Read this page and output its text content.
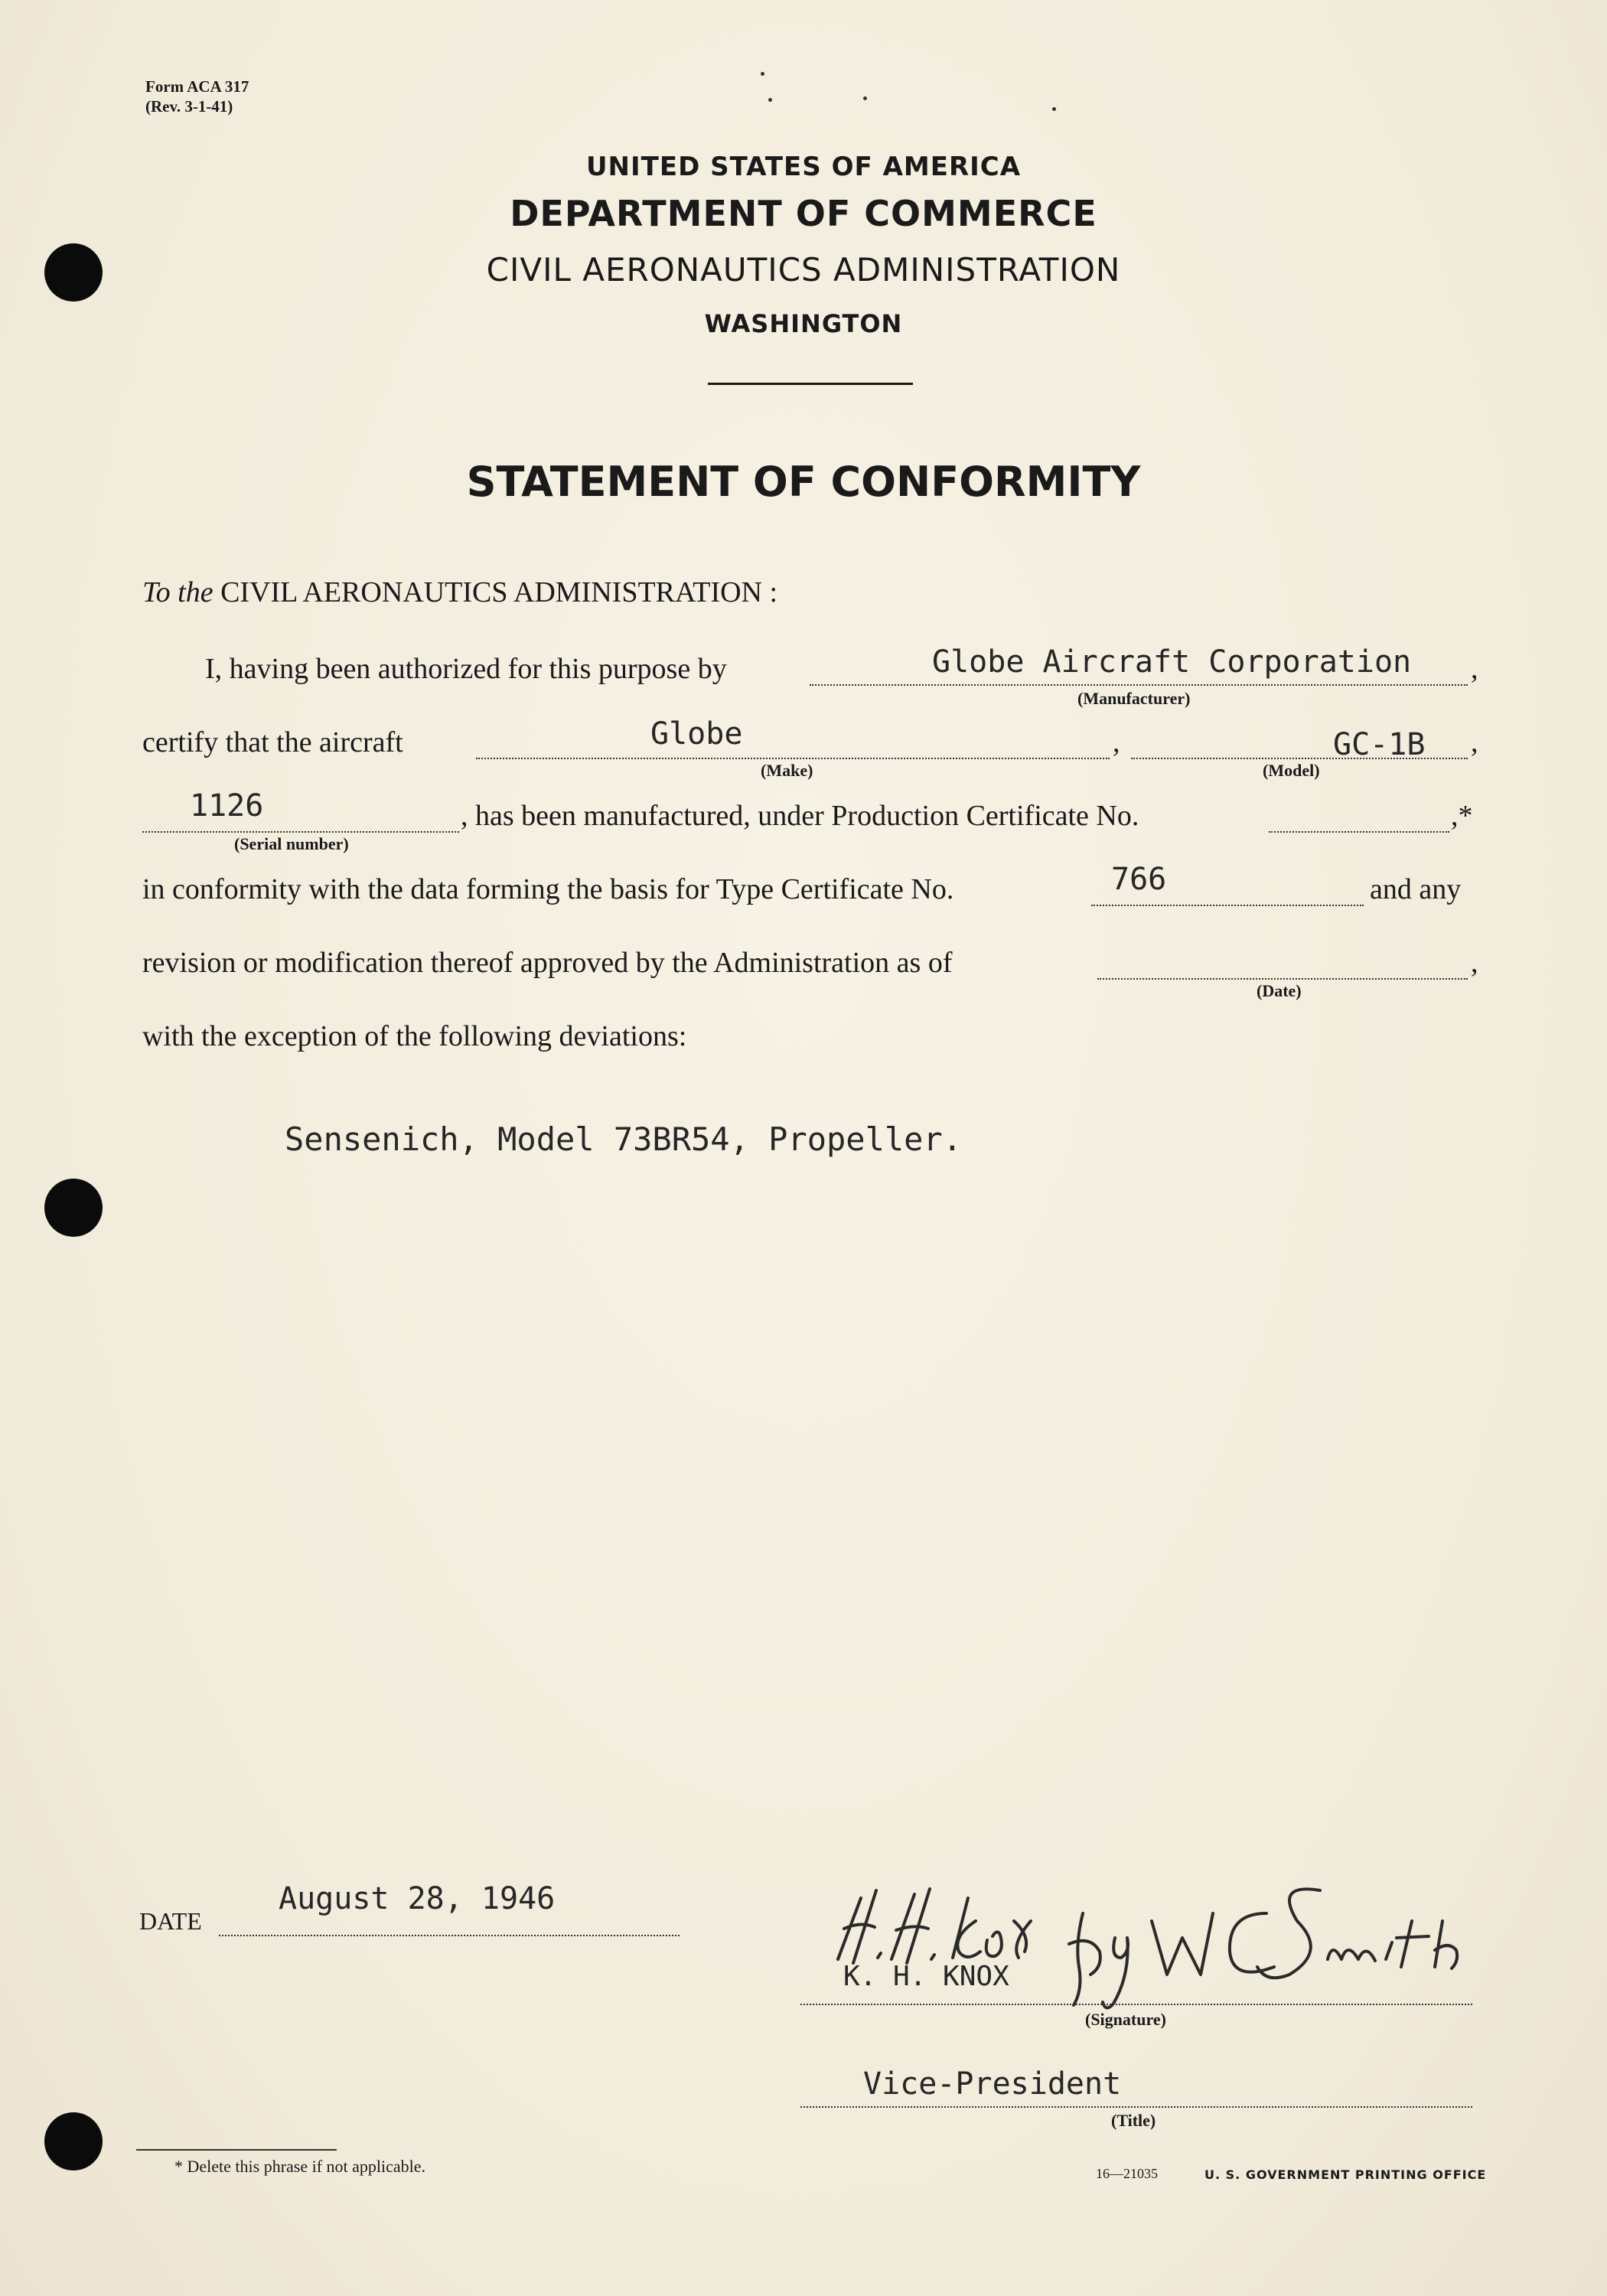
Form ACA 317
(Rev. 3-1-41)
UNITED STATES OF AMERICA
DEPARTMENT OF COMMERCE
CIVIL AERONAUTICS ADMINISTRATION
WASHINGTON
STATEMENT OF CONFORMITY
To the CIVIL AERONAUTICS ADMINISTRATION :
I, having been authorized for this purpose by	,
Globe Aircraft Corporation
(Manufacturer)
certify that the aircraft	,	,
Globe	GC-1B
(Make)	(Model)
1126	, has been manufactured, under Production Certificate No.	,*
(Serial number)
in conformity with the data forming the basis for Type Certificate No.	766	and any
revision or modification thereof approved by the Administration as of	,
(Date)
with the exception of the following deviations:
Sensenich, Model 73BR54, Propeller.
DATE
August 28, 1946
K. H. KNOX
(Signature)
Vice-President
(Title)
* Delete this phrase if not applicable.	16—21035	U. S. GOVERNMENT PRINTING OFFICE
